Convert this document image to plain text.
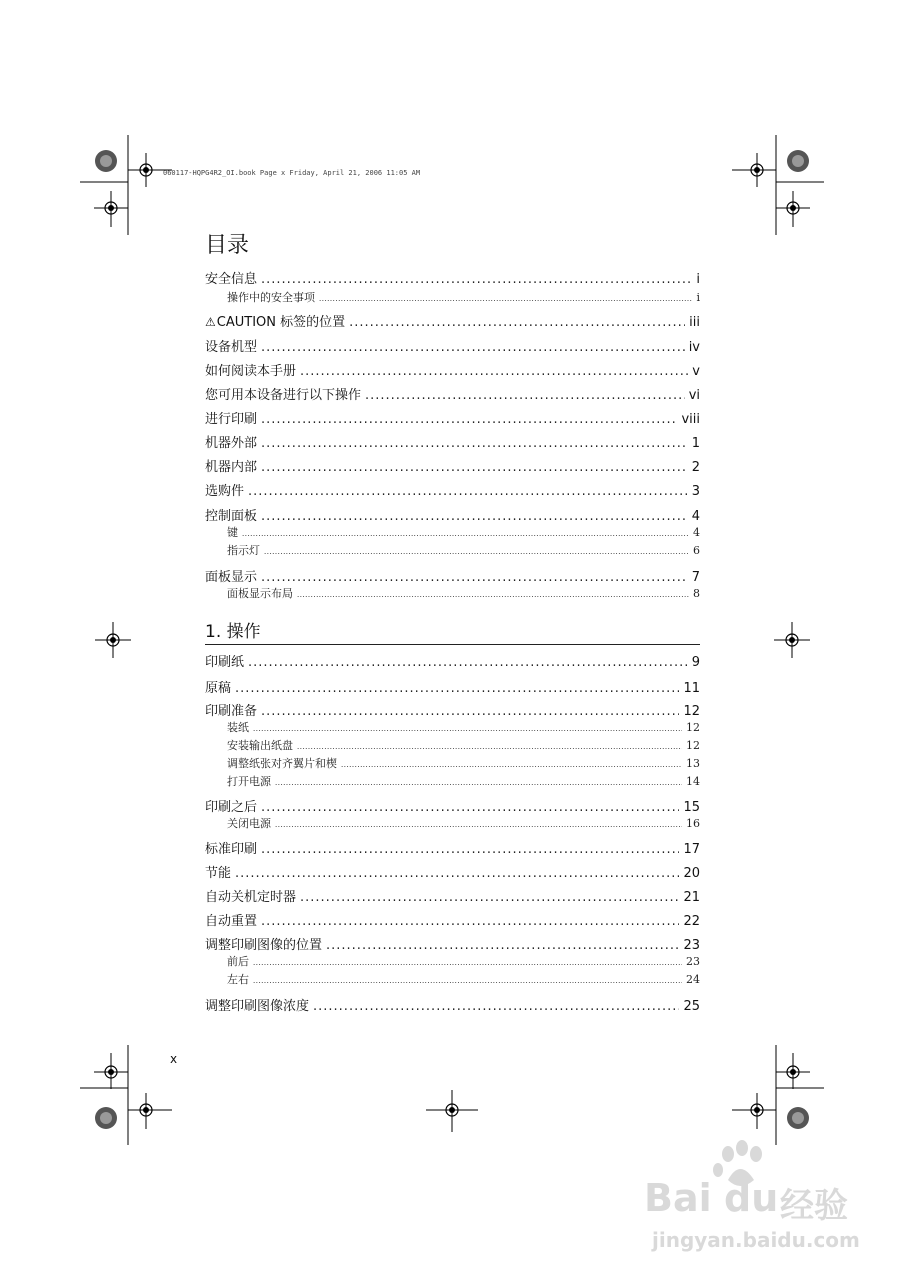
060117-HQPG4R2_OI.book Page x Friday, April 21, 2006 11:05 AM
目录
安全信息 .....	i
操作中的安全事项 .....	i
⚠CAUTION 标签的位置 .....	iii
设备机型 .....	iv
如何阅读本手册 .....	v
您可用本设备进行以下操作 .....	vi
进行印刷 .....	viii
机器外部 .....	1
机器内部 .....	2
选购件 .....	3
控制面板 .....	4
键 .....	4
指示灯 .....	6
面板显示 .....	7
面板显示布局 .....	8
1. 操作
印刷纸 .....	9
原稿 .....	11
印刷准备 .....	12
装纸 .....	12
安装输出纸盘 .....	12
调整纸张对齐翼片和楔 .....	13
打开电源 .....	14
印刷之后 .....	15
关闭电源 .....	16
标准印刷 .....	17
节能 .....	20
自动关机定时器 .....	21
自动重置 .....	22
调整印刷图像的位置 .....	23
前后 .....	23
左右 .....	24
调整印刷图像浓度 .....	25
x
Bai du 经验
jingyan.baidu.com
